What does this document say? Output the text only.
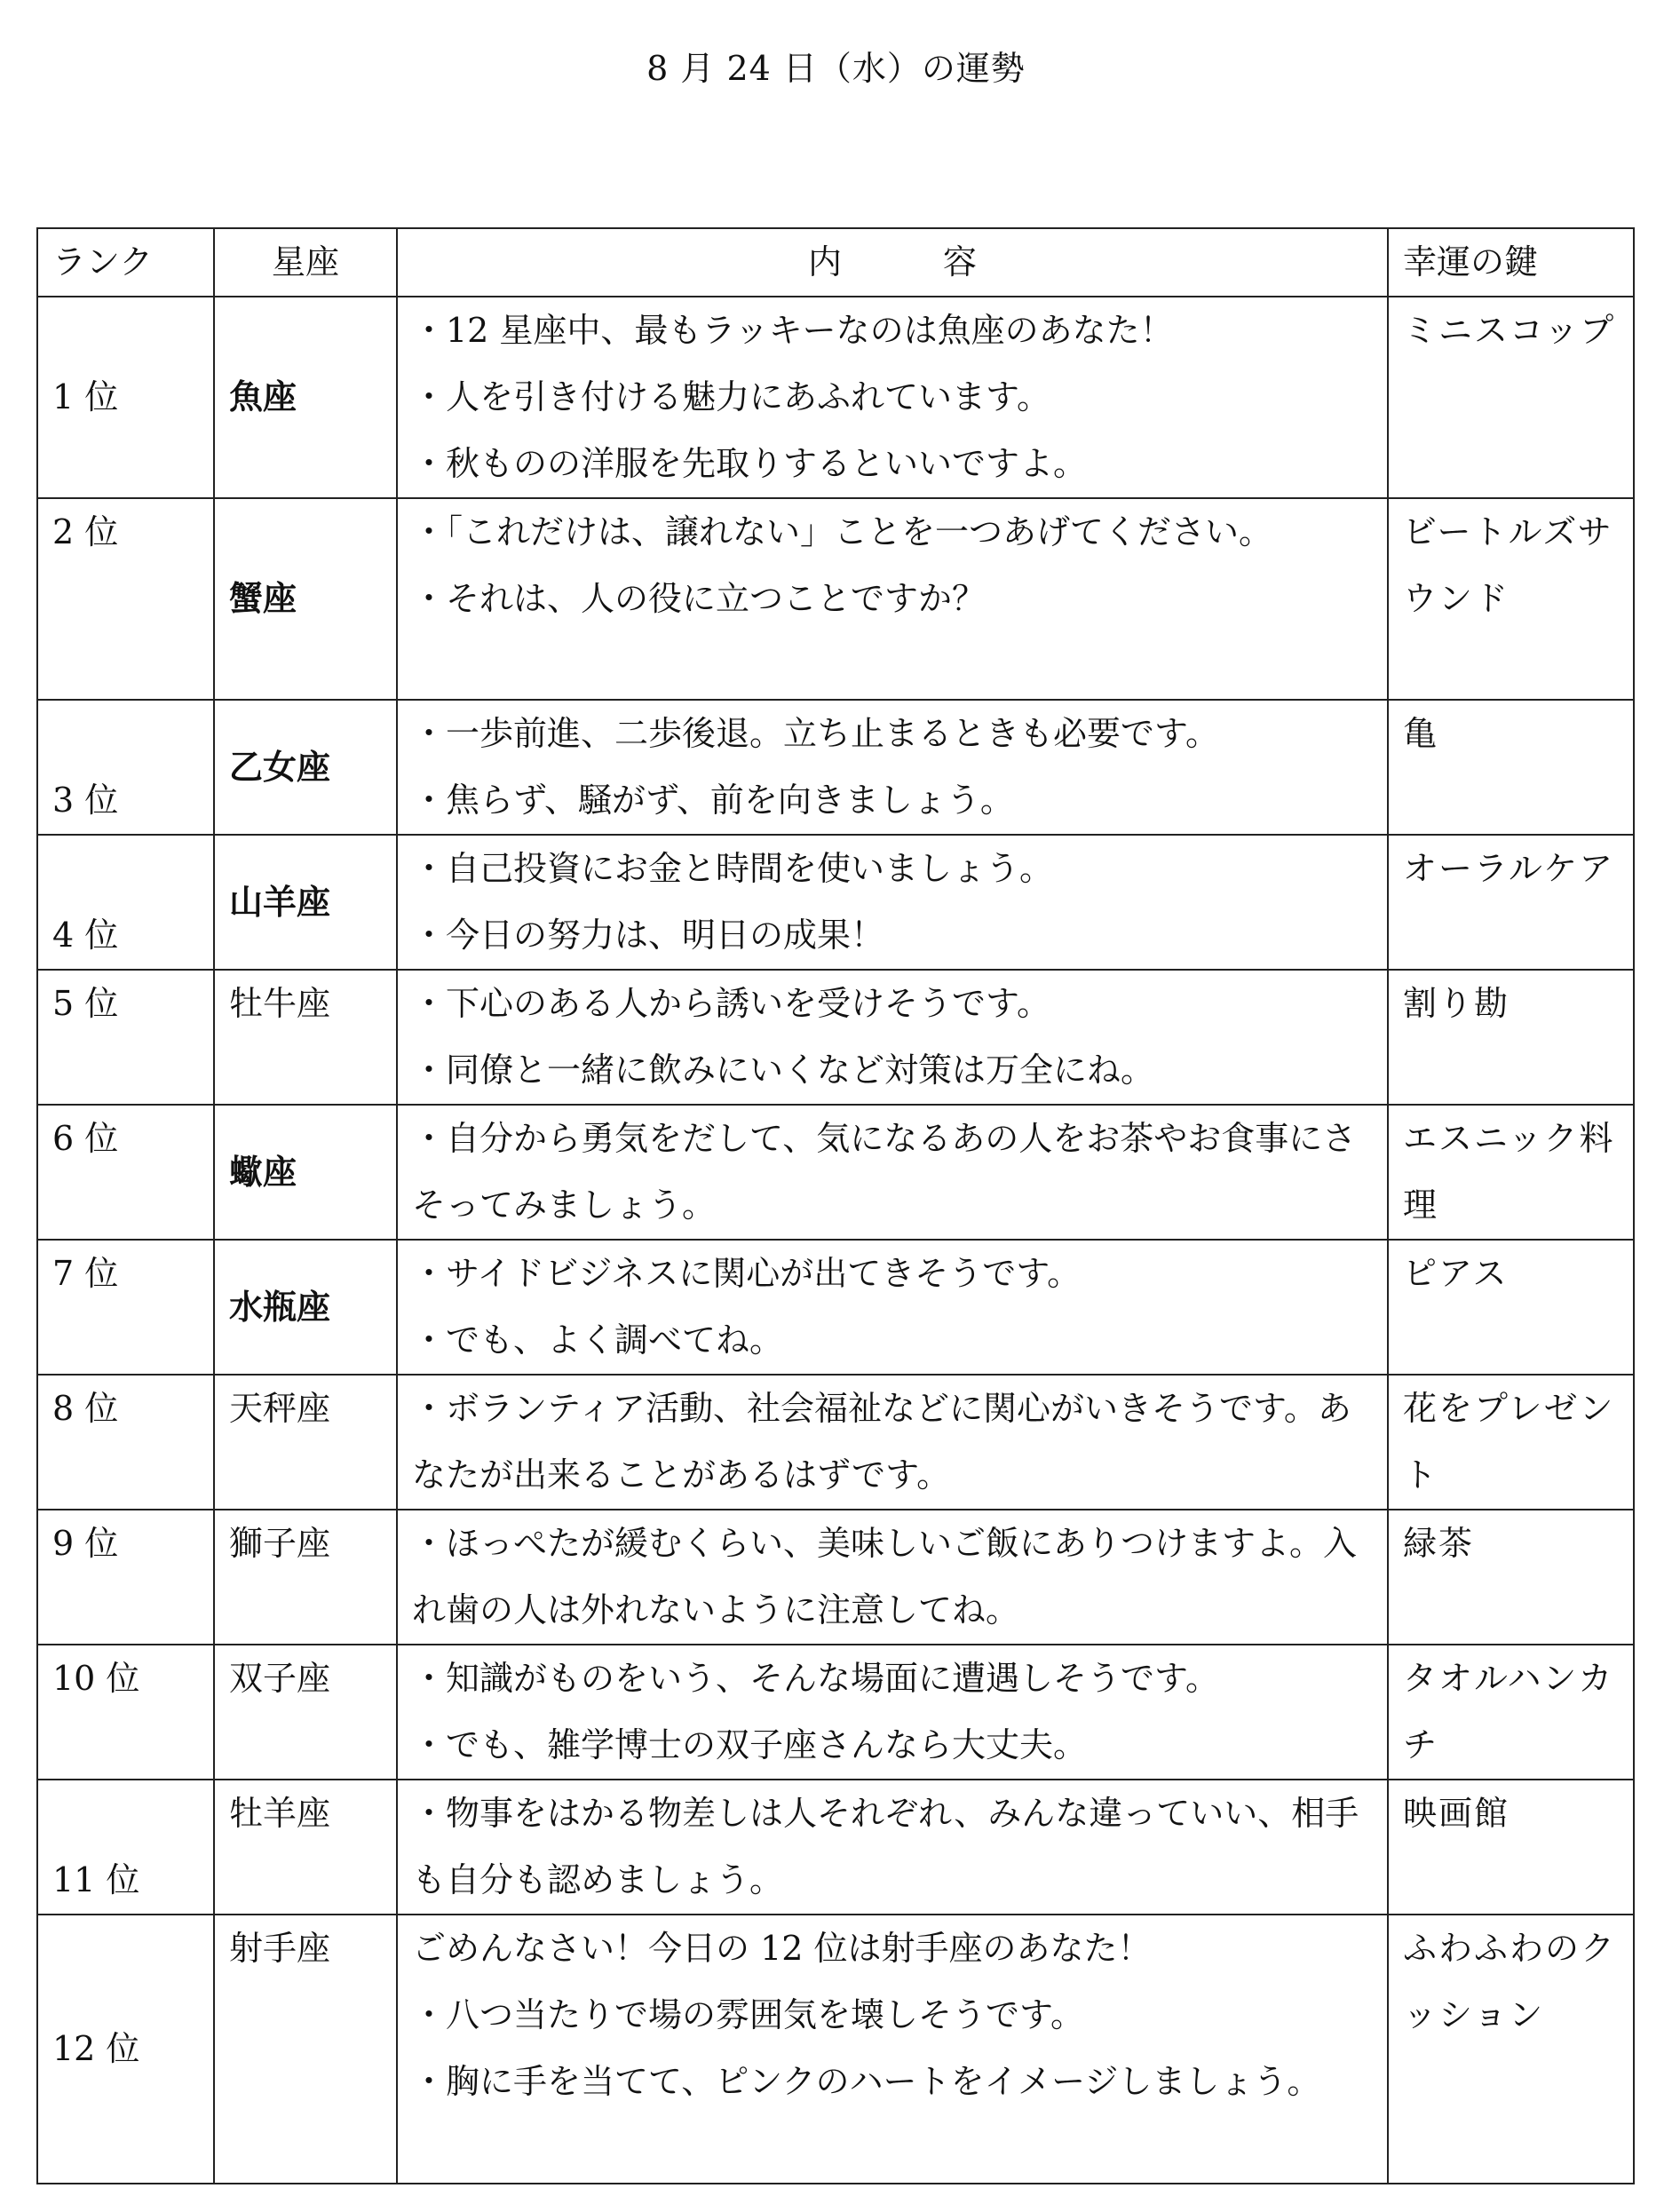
8 月 24 日（水）の運勢
ランク	星座	内　　　容	幸運の鍵
1 位	魚座	・12 星座中、最もラッキーなのは魚座のあなた！
・人を引き付ける魅力にあふれています。
・秋ものの洋服を先取りするといいですよ。	ミニスコップ
2 位	蟹座	・「これだけは、譲れない」ことを一つあげてください。
・それは、人の役に立つことですか？	ビートルズサウンド
3 位	乙女座	・一歩前進、二歩後退。立ち止まるときも必要です。
・焦らず、騒がず、前を向きましょう。	亀
4 位	山羊座	・自己投資にお金と時間を使いましょう。
・今日の努力は、明日の成果！	オーラルケア
5 位	牡牛座	・下心のある人から誘いを受けそうです。
・同僚と一緒に飲みにいくなど対策は万全にね。	割り勘
6 位	蠍座	・自分から勇気をだして、気になるあの人をお茶やお食事にさそってみましょう。	エスニック料理
7 位	水瓶座	・サイドビジネスに関心が出てきそうです。
・でも、よく調べてね。	ピアス
8 位	天秤座	・ボランティア活動、社会福祉などに関心がいきそうです。あなたが出来ることがあるはずです。	花をプレゼント
9 位	獅子座	・ほっぺたが緩むくらい、美味しいご飯にありつけますよ。入れ歯の人は外れないように注意してね。	緑茶
10 位	双子座	・知識がものをいう、そんな場面に遭遇しそうです。
・でも、雑学博士の双子座さんなら大丈夫。	タオルハンカチ
11 位	牡羊座	・物事をはかる物差しは人それぞれ、みんな違っていい、相手も自分も認めましょう。	映画館
12 位	射手座	ごめんなさい！今日の 12 位は射手座のあなた！
・八つ当たりで場の雰囲気を壊しそうです。
・胸に手を当てて、ピンクのハートをイメージしましょう。	ふわふわのクッション
